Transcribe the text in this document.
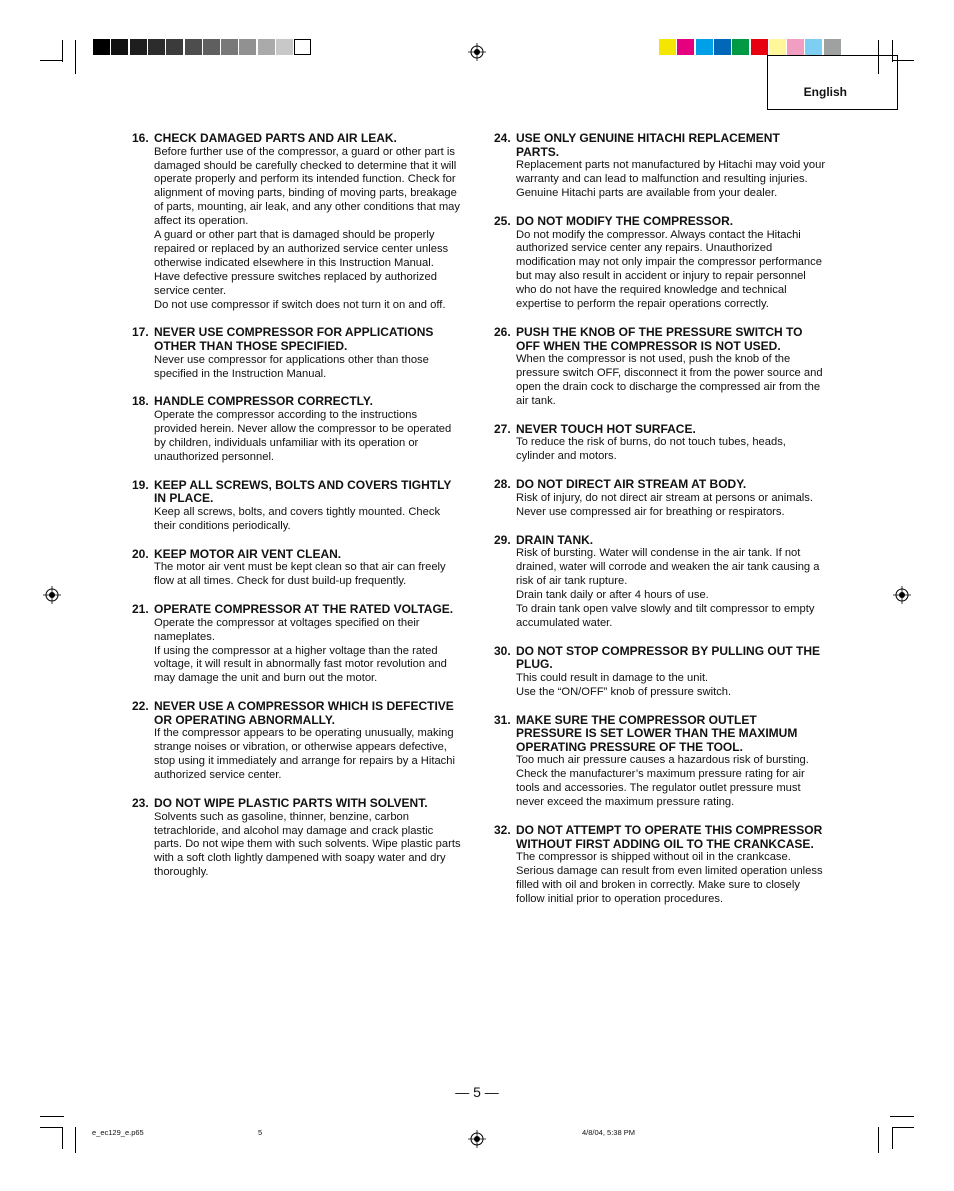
English
16. CHECK DAMAGED PARTS AND AIR LEAK.

Before further use of the compressor, a guard or other part is damaged should be carefully checked to determine that it will operate properly and perform its intended function. Check for alignment of moving parts, binding of moving parts, breakage of parts, mounting, air leak, and any other conditions that may affect its operation.

A guard or other part that is damaged should be properly repaired or replaced by an authorized service center unless otherwise indicated elsewhere in this Instruction Manual.

Have defective pressure switches replaced by authorized service center.

Do not use compressor if switch does not turn it on and off.

17. NEVER USE COMPRESSOR FOR APPLICATIONS OTHER THAN THOSE SPECIFIED.

Never use compressor for applications other than those specified in the Instruction Manual.

18. HANDLE COMPRESSOR CORRECTLY.

Operate the compressor according to the instructions provided herein. Never allow the compressor to be operated by children, individuals unfamiliar with its operation or unauthorized personnel.

19. KEEP ALL SCREWS, BOLTS AND COVERS TIGHTLY IN PLACE.

Keep all screws, bolts, and covers tightly mounted. Check their conditions periodically.

20. KEEP MOTOR AIR VENT CLEAN.

The motor air vent must be kept clean so that air can freely flow at all times. Check for dust build-up frequently.

21. OPERATE COMPRESSOR AT THE RATED VOLTAGE.

Operate the compressor at voltages specified on their nameplates.

If using the compressor at a higher voltage than the rated voltage, it will result in abnormally fast motor revolution and may damage the unit and burn out the motor.

22. NEVER USE A COMPRESSOR WHICH IS DEFECTIVE OR OPERATING ABNORMALLY.

If the compressor appears to be operating unusually, making strange noises or vibration, or otherwise appears defective, stop using it immediately and arrange for repairs by a Hitachi authorized service center.

23. DO NOT WIPE PLASTIC PARTS WITH SOLVENT.

Solvents such as gasoline, thinner, benzine, carbon tetrachloride, and alcohol may damage and crack plastic parts. Do not wipe them with such solvents. Wipe plastic parts with a soft cloth lightly dampened with soapy water and dry thoroughly.

24. USE ONLY GENUINE HITACHI REPLACEMENT PARTS.

Replacement parts not manufactured by Hitachi may void your warranty and can lead to malfunction and resulting injuries. Genuine Hitachi parts are available from your dealer.

25. DO NOT MODIFY THE COMPRESSOR.

Do not modify the compressor. Always contact the Hitachi authorized service center any repairs. Unauthorized modification may not only impair the compressor performance but may also result in accident or injury to repair personnel who do not have the required knowledge and technical expertise to perform the repair operations correctly.

26. PUSH THE KNOB OF THE PRESSURE SWITCH TO OFF WHEN THE COMPRESSOR IS NOT USED.

When the compressor is not used, push the knob of the pressure switch OFF, disconnect it from the power source and open the drain cock to discharge the compressed air from the air tank.

27. NEVER TOUCH HOT SURFACE.

To reduce the risk of burns, do not touch tubes, heads, cylinder and motors.

28. DO NOT DIRECT AIR STREAM AT BODY.

Risk of injury, do not direct air stream at persons or animals.

Never use compressed air for breathing or respirators.

29. DRAIN TANK.

Risk of bursting. Water will condense in the air tank. If not drained, water will corrode and weaken the air tank causing a risk of air tank rupture.

Drain tank daily or after 4 hours of use.

To drain tank open valve slowly and tilt compressor to empty accumulated water.

30. DO NOT STOP COMPRESSOR BY PULLING OUT THE PLUG.

This could result in damage to the unit.

Use the “ON/OFF” knob of pressure switch.

31. MAKE SURE THE COMPRESSOR OUTLET PRESSURE IS SET LOWER THAN THE MAXIMUM OPERATING PRESSURE OF THE TOOL.

Too much air pressure causes a hazardous risk of bursting. Check the manufacturer’s maximum pressure rating for air tools and accessories. The regulator outlet pressure must never exceed the maximum pressure rating.

32. DO NOT ATTEMPT TO OPERATE THIS COMPRESSOR WITHOUT FIRST ADDING OIL TO THE CRANKCASE.

The compressor is shipped without oil in the crankcase.

Serious damage can result from even limited operation unless filled with oil and broken in correctly. Make sure to closely follow initial prior to operation procedures.

— 5 —
e_ec129_e.p65	5	4/8/04, 5:38 PM
